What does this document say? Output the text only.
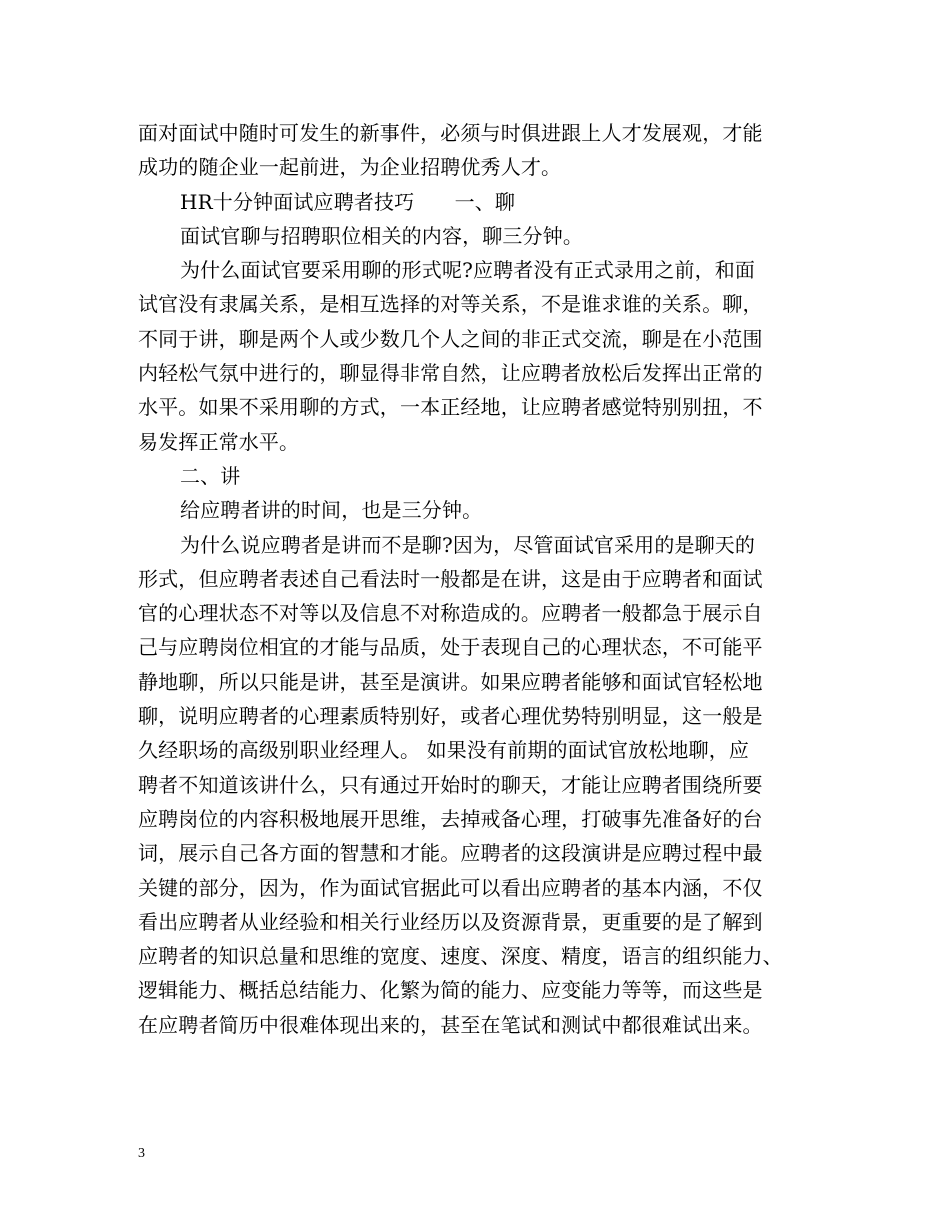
面对面试中随时可发生的新事件，必须与时俱进跟上人才发展观，才能
成功的随企业一起前进，为企业招聘优秀人才。
HR十分钟面试应聘者技巧　　一、聊
面试官聊与招聘职位相关的内容，聊三分钟。
为什么面试官要采用聊的形式呢?应聘者没有正式录用之前，和面
试官没有隶属关系，是相互选择的对等关系，不是谁求谁的关系。聊，
不同于讲，聊是两个人或少数几个人之间的非正式交流，聊是在小范围
内轻松气氛中进行的，聊显得非常自然，让应聘者放松后发挥出正常的
水平。如果不采用聊的方式，一本正经地，让应聘者感觉特别别扭，不
易发挥正常水平。
二、讲
给应聘者讲的时间，也是三分钟。
为什么说应聘者是讲而不是聊?因为，尽管面试官采用的是聊天的
形式，但应聘者表述自己看法时一般都是在讲，这是由于应聘者和面试
官的心理状态不对等以及信息不对称造成的。应聘者一般都急于展示自
己与应聘岗位相宜的才能与品质，处于表现自己的心理状态，不可能平
静地聊，所以只能是讲，甚至是演讲。如果应聘者能够和面试官轻松地
聊，说明应聘者的心理素质特别好，或者心理优势特别明显，这一般是
久经职场的高级别职业经理人。 如果没有前期的面试官放松地聊，应
聘者不知道该讲什么，只有通过开始时的聊天，才能让应聘者围绕所要
应聘岗位的内容积极地展开思维，去掉戒备心理，打破事先准备好的台
词，展示自己各方面的智慧和才能。应聘者的这段演讲是应聘过程中最
关键的部分，因为，作为面试官据此可以看出应聘者的基本内涵，不仅
看出应聘者从业经验和相关行业经历以及资源背景，更重要的是了解到
应聘者的知识总量和思维的宽度、速度、深度、精度，语言的组织能力、
逻辑能力、概括总结能力、化繁为简的能力、应变能力等等，而这些是
在应聘者简历中很难体现出来的，甚至在笔试和测试中都很难试出来。
3
